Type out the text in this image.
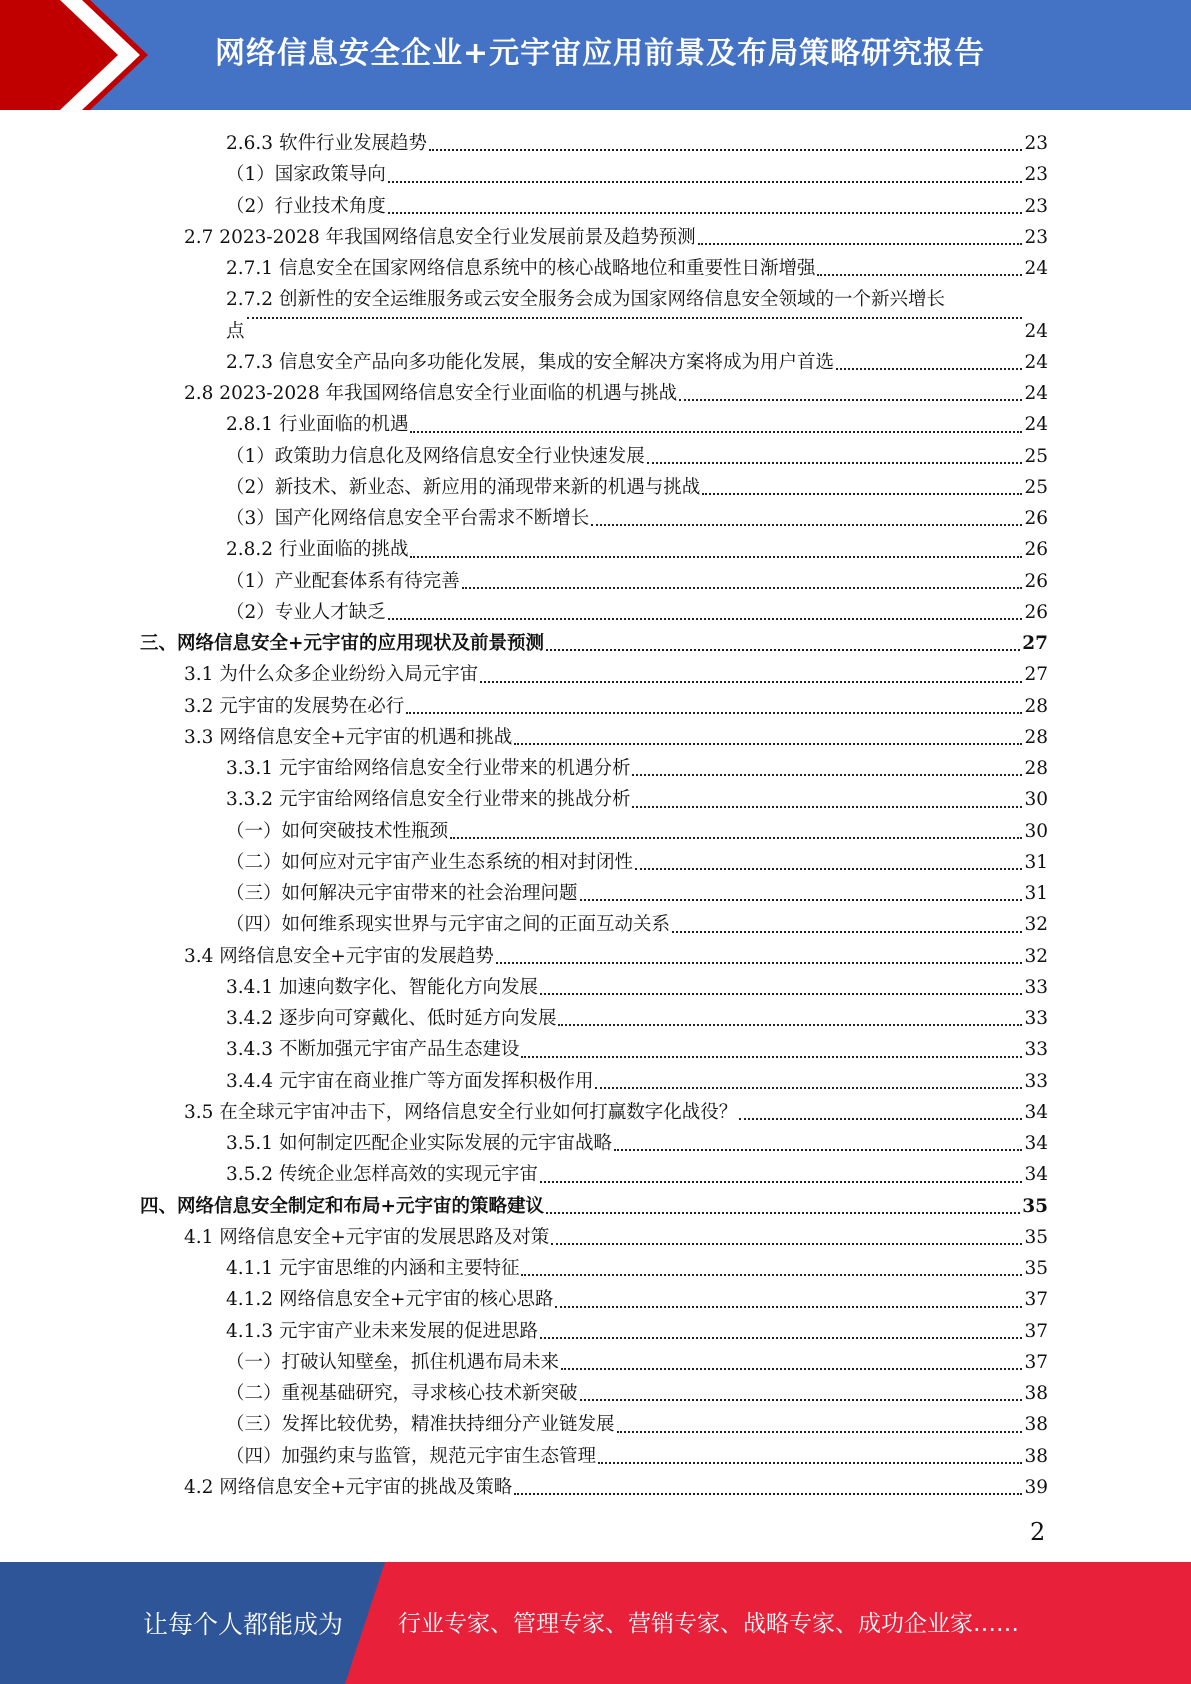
网络信息安全企业+元宇宙应用前景及布局策略研究报告
2.6.3 软件行业发展趋势	23
（1）国家政策导向	23
（2）行业技术角度	23
2.7 2023-2028 年我国网络信息安全行业发展前景及趋势预测	23
2.7.1 信息安全在国家网络信息系统中的核心战略地位和重要性日渐增强	24
2.7.2 创新性的安全运维服务或云安全服务会成为国家网络信息安全领域的一个新兴增长
点	24
2.7.3 信息安全产品向多功能化发展，集成的安全解决方案将成为用户首选	24
2.8 2023-2028 年我国网络信息安全行业面临的机遇与挑战	24
2.8.1 行业面临的机遇	24
（1）政策助力信息化及网络信息安全行业快速发展	25
（2）新技术、新业态、新应用的涌现带来新的机遇与挑战	25
（3）国产化网络信息安全平台需求不断增长	26
2.8.2 行业面临的挑战	26
（1）产业配套体系有待完善	26
（2）专业人才缺乏	26
三、网络信息安全+元宇宙的应用现状及前景预测	27
3.1 为什么众多企业纷纷入局元宇宙	27
3.2 元宇宙的发展势在必行	28
3.3 网络信息安全+元宇宙的机遇和挑战	28
3.3.1 元宇宙给网络信息安全行业带来的机遇分析	28
3.3.2 元宇宙给网络信息安全行业带来的挑战分析	30
（一）如何突破技术性瓶颈	30
（二）如何应对元宇宙产业生态系统的相对封闭性	31
（三）如何解决元宇宙带来的社会治理问题	31
（四）如何维系现实世界与元宇宙之间的正面互动关系	32
3.4 网络信息安全+元宇宙的发展趋势	32
3.4.1 加速向数字化、智能化方向发展	33
3.4.2 逐步向可穿戴化、低时延方向发展	33
3.4.3 不断加强元宇宙产品生态建设	33
3.4.4 元宇宙在商业推广等方面发挥积极作用	33
3.5 在全球元宇宙冲击下，网络信息安全行业如何打赢数字化战役？	34
3.5.1 如何制定匹配企业实际发展的元宇宙战略	34
3.5.2 传统企业怎样高效的实现元宇宙	34
四、网络信息安全制定和布局+元宇宙的策略建议	35
4.1 网络信息安全+元宇宙的发展思路及对策	35
4.1.1 元宇宙思维的内涵和主要特征	35
4.1.2 网络信息安全+元宇宙的核心思路	37
4.1.3 元宇宙产业未来发展的促进思路	37
（一）打破认知壁垒，抓住机遇布局未来	37
（二）重视基础研究，寻求核心技术新突破	38
（三）发挥比较优势，精准扶持细分产业链发展	38
（四）加强约束与监管，规范元宇宙生态管理	38
4.2 网络信息安全+元宇宙的挑战及策略	39
2
让每个人都能成为 行业专家、管理专家、营销专家、战略专家、成功企业家……
